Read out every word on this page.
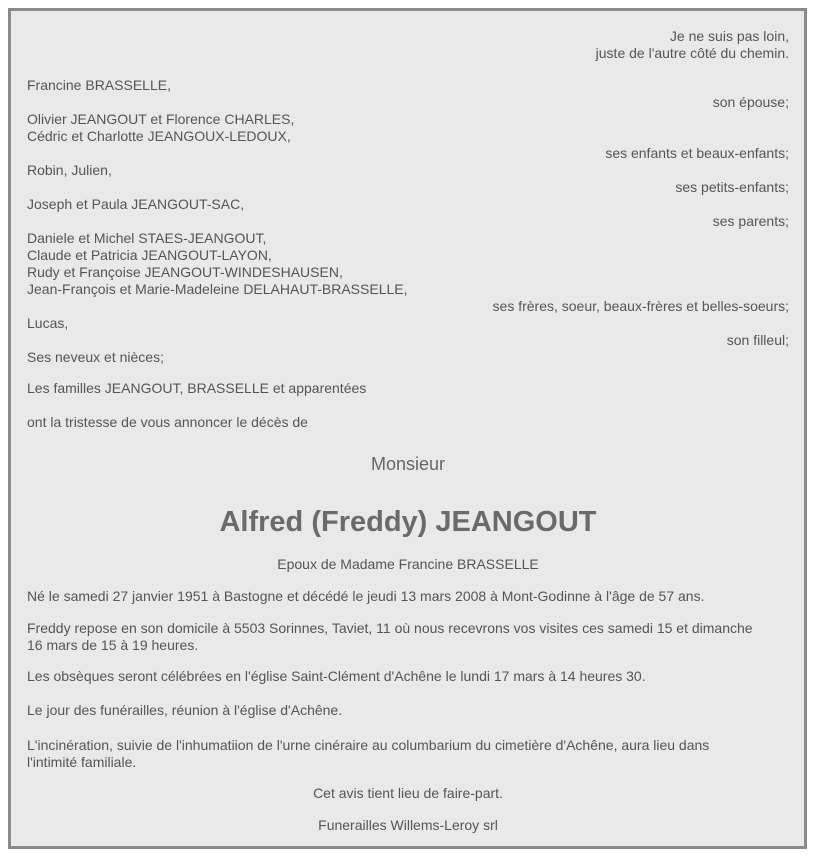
Je ne suis pas loin,
juste de l'autre côté du chemin.
Francine BRASSELLE,
son épouse;
Olivier JEANGOUT et Florence CHARLES,
Cédric et Charlotte JEANGOUX-LEDOUX,
ses enfants et beaux-enfants;
Robin, Julien,
ses petits-enfants;
Joseph et Paula JEANGOUT-SAC,
ses parents;
Daniele et Michel STAES-JEANGOUT,
Claude et Patricia JEANGOUT-LAYON,
Rudy et Françoise JEANGOUT-WINDESHAUSEN,
Jean-François et Marie-Madeleine DELAHAUT-BRASSELLE,
ses frères, soeur, beaux-frères et belles-soeurs;
Lucas,
son filleul;
Ses neveux et nièces;
Les familles JEANGOUT, BRASSELLE et apparentées
ont la tristesse de vous annoncer le décès de
Monsieur
Alfred (Freddy) JEANGOUT
Epoux de Madame Francine BRASSELLE
Né le samedi 27 janvier 1951 à Bastogne et décédé le jeudi 13 mars 2008 à Mont-Godinne à l'âge de 57 ans.
Freddy repose en son domicile à 5503 Sorinnes, Taviet, 11 où nous recevrons vos visites ces samedi 15 et dimanche
16 mars de 15 à 19 heures.
Les obsèques seront célébrées en l'église Saint-Clément d'Achêne le lundi 17 mars à 14 heures 30.
Le jour des funérailles, réunion à l'église d'Achêne.
L'incinération, suivie de l'inhumatiion de l'urne cinéraire au columbarium du cimetière d'Achêne, aura lieu dans
l'intimité familiale.
Cet avis tient lieu de faire-part.
Funerailles Willems-Leroy srl
